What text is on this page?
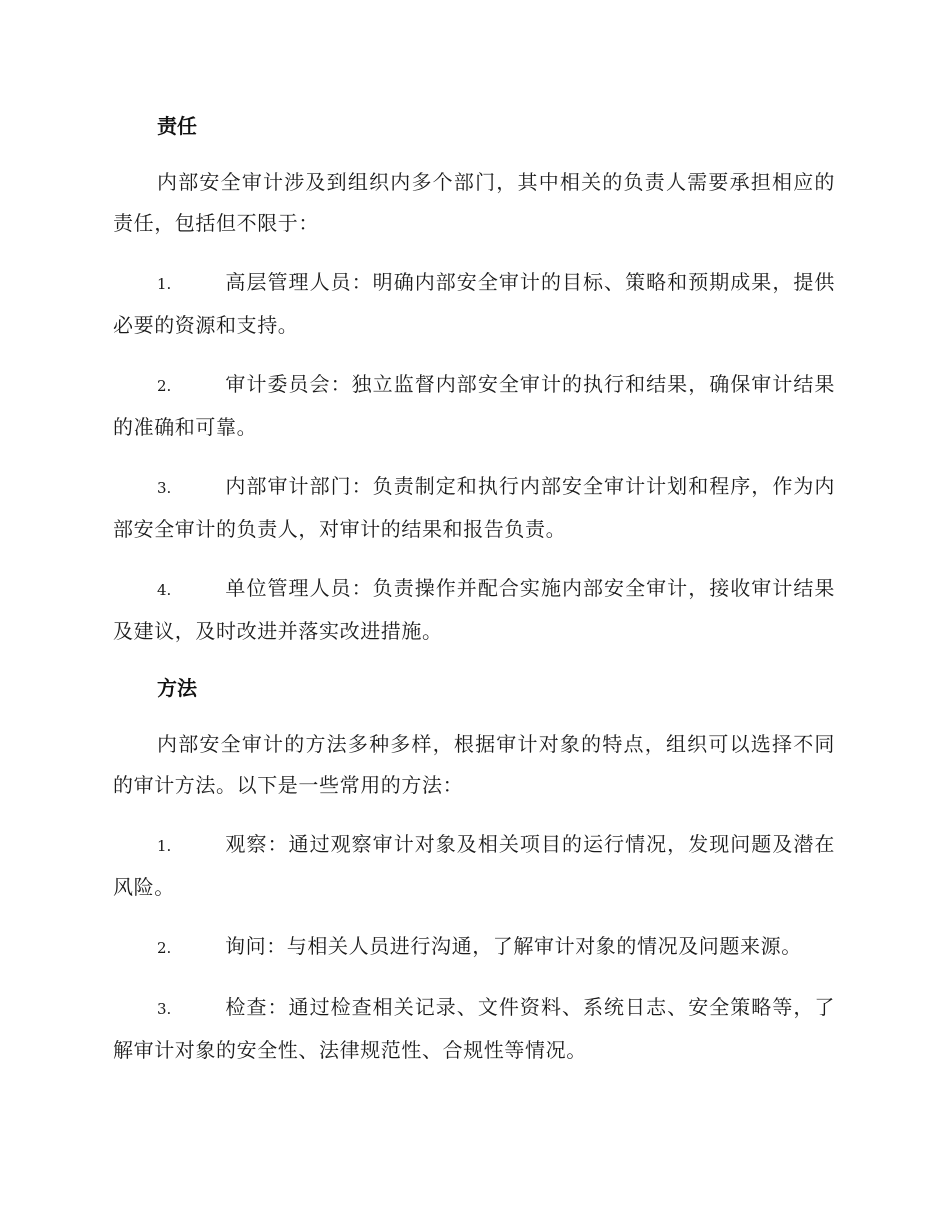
责任

内部安全审计涉及到组织内多个部门，其中相关的负责人需要承担相应的责任，包括但不限于：

1.	高层管理人员：明确内部安全审计的目标、策略和预期成果，提供必要的资源和支持。

2.	审计委员会：独立监督内部安全审计的执行和结果，确保审计结果的准确和可靠。

3.	内部审计部门：负责制定和执行内部安全审计计划和程序，作为内部安全审计的负责人，对审计的结果和报告负责。

4.	单位管理人员：负责操作并配合实施内部安全审计，接收审计结果及建议，及时改进并落实改进措施。

方法

内部安全审计的方法多种多样，根据审计对象的特点，组织可以选择不同的审计方法。以下是一些常用的方法：

1.	观察：通过观察审计对象及相关项目的运行情况，发现问题及潜在风险。

2.	询问：与相关人员进行沟通，了解审计对象的情况及问题来源。

3.	检查：通过检查相关记录、文件资料、系统日志、安全策略等，了解审计对象的安全性、法律规范性、合规性等情况。
